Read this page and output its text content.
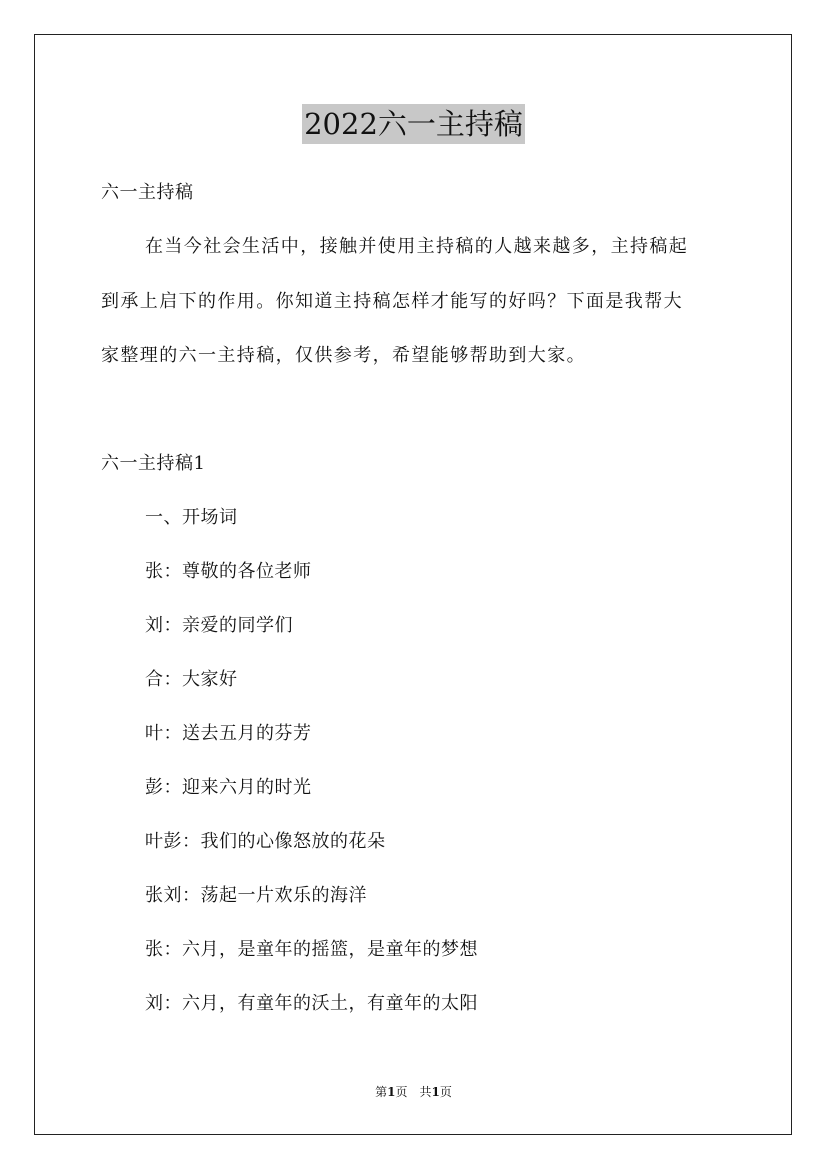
2022六一主持稿
六一主持稿
在当今社会生活中，接触并使用主持稿的人越来越多，主持稿起
到承上启下的作用。你知道主持稿怎样才能写的好吗？下面是我帮大
家整理的六一主持稿，仅供参考，希望能够帮助到大家。
六一主持稿1
一、开场词
张：尊敬的各位老师
刘：亲爱的同学们
合：大家好
叶：送去五月的芬芳
彭：迎来六月的时光
叶彭：我们的心像怒放的花朵
张刘：荡起一片欢乐的海洋
张：六月，是童年的摇篮，是童年的梦想
刘：六月，有童年的沃土，有童年的太阳
第1页　共1页
